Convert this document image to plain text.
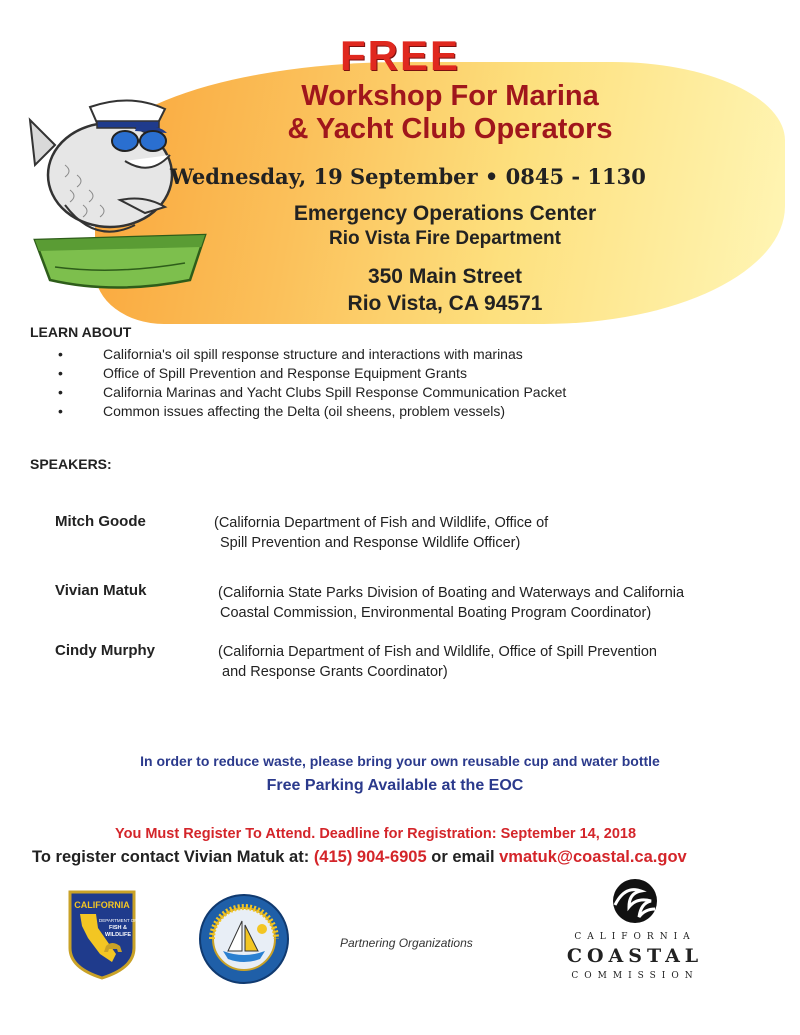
FREE
Workshop For Marina
& Yacht Club Operators
Wednesday, 19 September • 0845 - 1130
Emergency Operations Center
Rio Vista Fire Department
350 Main Street
Rio Vista, CA 94571
LEARN ABOUT
• California's oil spill response structure and interactions with marinas
• Office of Spill Prevention and Response Equipment Grants
• California Marinas and Yacht Clubs Spill Response Communication Packet
• Common issues affecting the Delta (oil sheens, problem vessels)
SPEAKERS:
Mitch Goode	(California Department of Fish and Wildlife, Office of
Spill Prevention and Response Wildlife Officer)
Vivian Matuk	(California State Parks Division of Boating and Waterways and California
Coastal Commission, Environmental Boating Program Coordinator)
Cindy Murphy	(California Department of Fish and Wildlife, Office of Spill Prevention
and Response Grants Coordinator)
In order to reduce waste, please bring your own reusable cup and water bottle
Free Parking Available at the EOC
You Must Register To Attend. Deadline for Registration: September 14, 2018
To register contact Vivian Matuk at: (415) 904-6905 or email vmatuk@coastal.ca.gov
CALIFORNIA
DEPARTMENT OF
FISH &
WILDLIFE
Partnering Organizations	CALIFORNIA
COASTAL
COMMISSION
